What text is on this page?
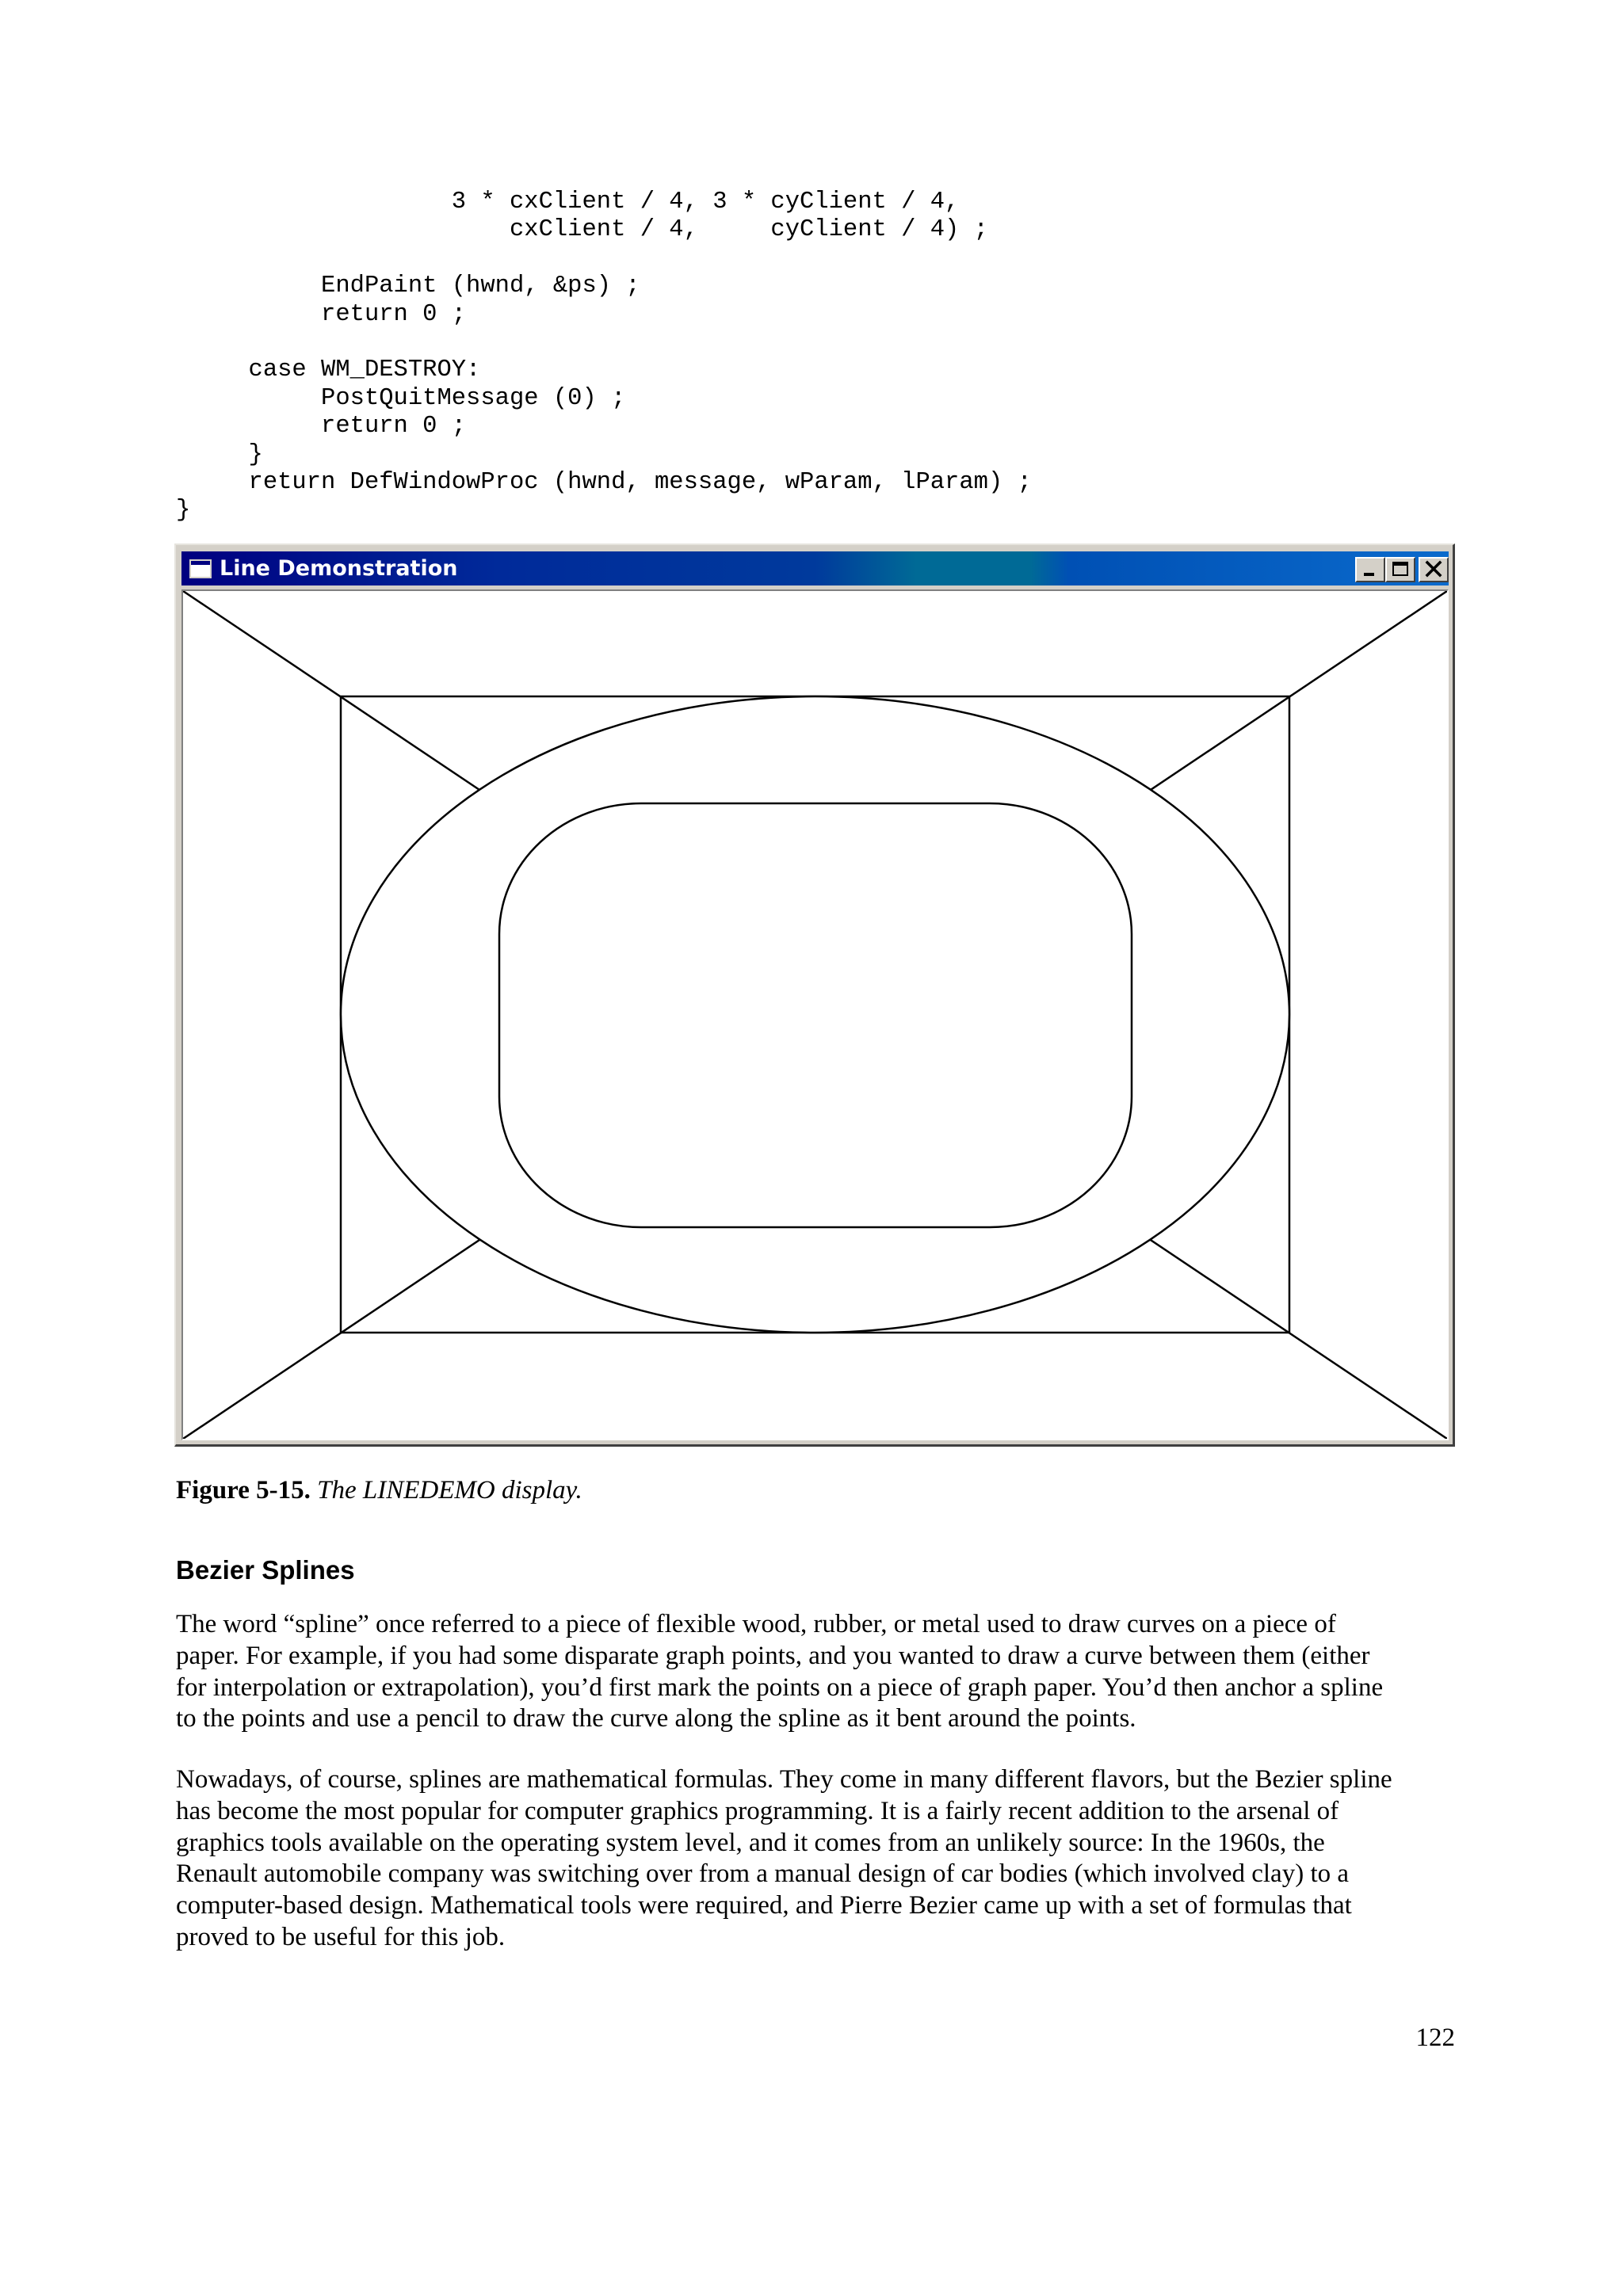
3 * cxClient / 4, 3 * cyClient / 4,
cxClient / 4,     cyClient / 4) ;
EndPaint (hwnd, &ps) ;
return 0 ;
case WM_DESTROY:
PostQuitMessage (0) ;
return 0 ;
}
return DefWindowProc (hwnd, message, wParam, lParam) ;
}
Line Demonstration
Figure 5-15. The LINEDEMO display.
Bezier Splines
The word “spline” once referred to a piece of flexible wood, rubber, or metal used to draw curves on a piece of
paper. For example, if you had some disparate graph points, and you wanted to draw a curve between them (either
for interpolation or extrapolation), you’d first mark the points on a piece of graph paper. You’d then anchor a spline
to the points and use a pencil to draw the curve along the spline as it bent around the points.
Nowadays, of course, splines are mathematical formulas. They come in many different flavors, but the Bezier spline
has become the most popular for computer graphics programming. It is a fairly recent addition to the arsenal of
graphics tools available on the operating system level, and it comes from an unlikely source: In the 1960s, the
Renault automobile company was switching over from a manual design of car bodies (which involved clay) to a
computer-based design. Mathematical tools were required, and Pierre Bezier came up with a set of formulas that
proved to be useful for this job.
122
